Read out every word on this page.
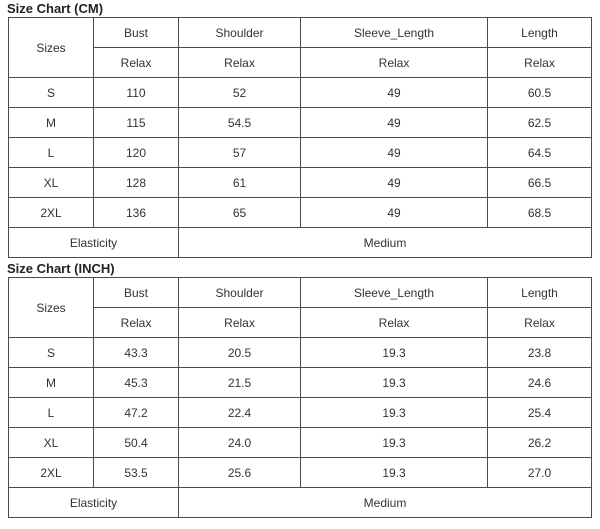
Size Chart (CM)
Sizes	Bust	Shoulder	Sleeve_Length	Length
	Relax	Relax	Relax	Relax
S	110	52	49	60.5
M	115	54.5	49	62.5
L	120	57	49	64.5
XL	128	61	49	66.5
2XL	136	65	49	68.5
Elasticity		Medium		
Size Chart (INCH)
Sizes	Bust	Shoulder	Sleeve_Length	Length
	Relax	Relax	Relax	Relax
S	43.3	20.5	19.3	23.8
M	45.3	21.5	19.3	24.6
L	47.2	22.4	19.3	25.4
XL	50.4	24.0	19.3	26.2
2XL	53.5	25.6	19.3	27.0
Elasticity		Medium		
